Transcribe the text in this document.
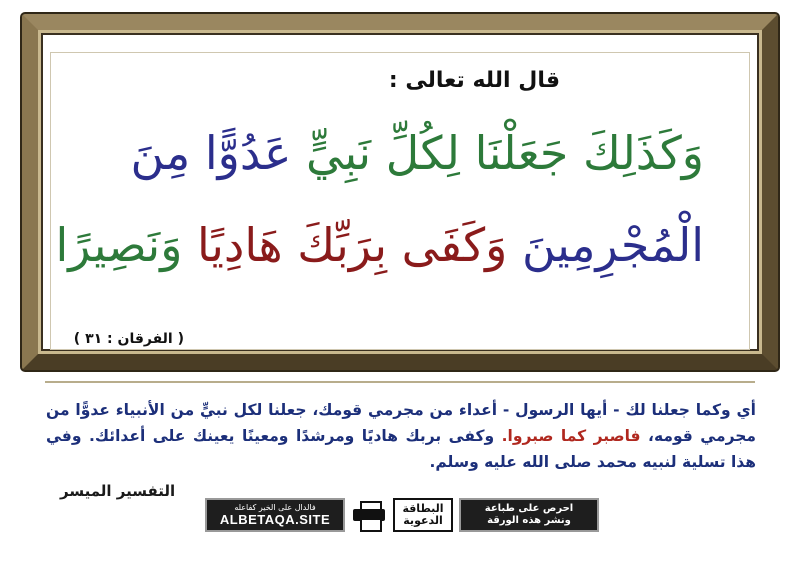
قال الله تعالى :
وَكَذَلِكَ جَعَلْنَا لِكُلِّ نَبِيٍّ عَدُوًّا مِنَ
الْمُجْرِمِينَ وَكَفَى بِرَبِّكَ هَادِيًا وَنَصِيرًا
( الفرقان : ٣١ )
أي وكما جعلنا لك - أيها الرسول - أعداء من مجرمي قومك، جعلنا لكل نبيٍّ من الأنبياء عدوًّا من مجرمي قومه، فاصبر كما صبروا. وكفى بربك هاديًا ومرشدًا ومعينًا يعينك على أعدائك. وفي هذا تسلية لنبيه محمد صلى الله عليه وسلم.
التفسير الميسر
فالدال على الخير كفاعله
ALBETAQA.SITE
البطاقة
الدعوية
احرص على طباعة
ونشر هذه الورقة
